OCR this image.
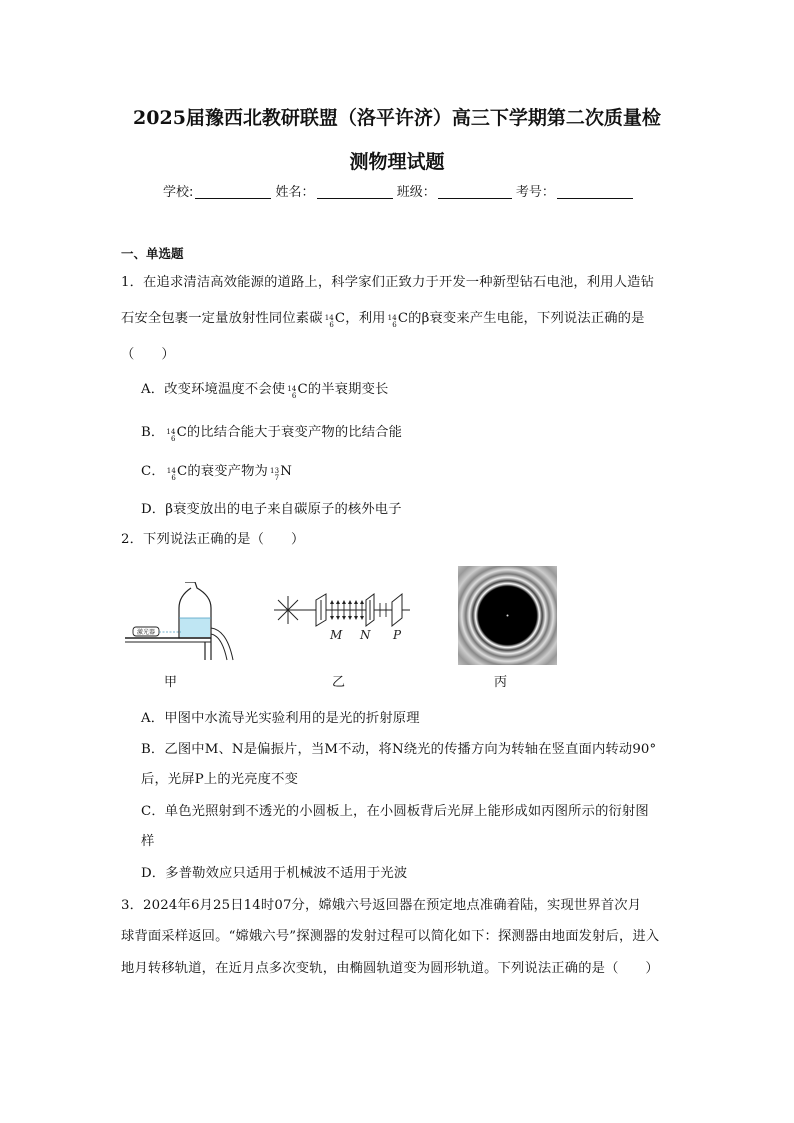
2025届豫西北教研联盟（洛平许济）高三下学期第二次质量检
测物理试题
学校:	姓名：	班级：	考号：
一、单选题
1．在追求清洁高效能源的道路上，科学家们正致力于开发一种新型钻石电池，利用人造钻
石安全包裹一定量放射性同位素碳 14
6 C，利用 14
6 C的β衰变来产生电能，下列说法正确的是
（　　）
A．改变环境温度不会使 14
6 C的半衰期变长
B． 14
6 C的比结合能大于衰变产物的比结合能
C． 14
6 C的衰变产物为 13
7 N
D．β衰变放出的电子来自碳原子的核外电子
2．下列说法正确的是（　　）
激光器
甲
M N P
乙	丙
A．甲图中水流导光实验利用的是光的折射原理
B．乙图中M、N是偏振片，当M不动，将N绕光的传播方向为转轴在竖直面内转动90°
后，光屏P上的光亮度不变
C．单色光照射到不透光的小圆板上，在小圆板背后光屏上能形成如丙图所示的衍射图
样
D．多普勒效应只适用于机械波不适用于光波
3．2024年6月25日14时07分，嫦娥六号返回器在预定地点准确着陆，实现世界首次月
球背面采样返回。“嫦娥六号”探测器的发射过程可以简化如下：探测器由地面发射后，进入
地月转移轨道，在近月点多次变轨，由椭圆轨道变为圆形轨道。下列说法正确的是（　　）
